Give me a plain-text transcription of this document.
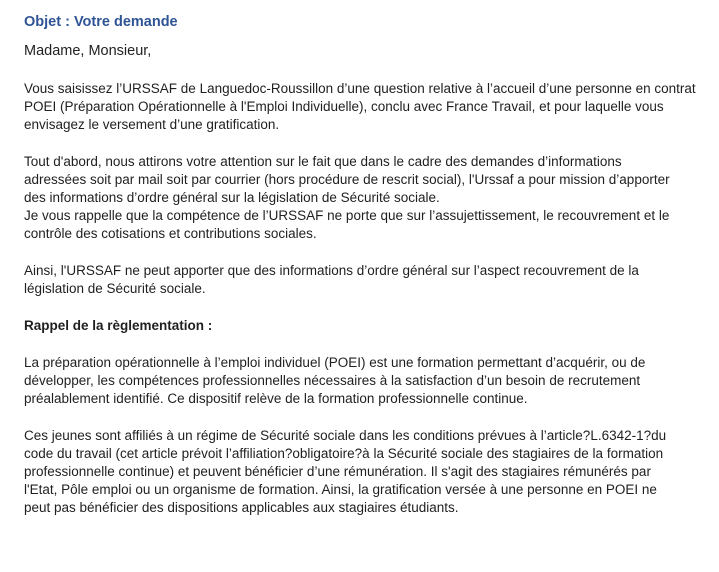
Objet : Votre demande
Madame, Monsieur,
Vous saisissez l’URSSAF de Languedoc-Roussillon d’une question relative à l’accueil d’une personne en contrat
POEI (Préparation Opérationnelle à l'Emploi Individuelle), conclu avec France Travail, et pour laquelle vous
envisagez le versement d’une gratification.
Tout d'abord, nous attirons votre attention sur le fait que dans le cadre des demandes d’informations
adressées soit par mail soit par courrier (hors procédure de rescrit social), l'Urssaf a pour mission d’apporter
des informations d’ordre général sur la législation de Sécurité sociale.
Je vous rappelle que la compétence de l’URSSAF ne porte que sur l’assujettissement, le recouvrement et le
contrôle des cotisations et contributions sociales.
Ainsi, l'URSSAF ne peut apporter que des informations d’ordre général sur l’aspect recouvrement de la
législation de Sécurité sociale.
Rappel de la règlementation :
La préparation opérationnelle à l’emploi individuel (POEI) est une formation permettant d’acquérir, ou de
développer, les compétences professionnelles nécessaires à la satisfaction d’un besoin de recrutement
préalablement identifié. Ce dispositif relève de la formation professionnelle continue.
Ces jeunes sont affiliés à un régime de Sécurité sociale dans les conditions prévues à l’article?L.6342-1?du
code du travail (cet article prévoit l’affiliation?obligatoire?à la Sécurité sociale des stagiaires de la formation
professionnelle continue) et peuvent bénéficier d’une rémunération. Il s'agit des stagiaires rémunérés par
l'Etat, Pôle emploi ou un organisme de formation. Ainsi, la gratification versée à une personne en POEI ne
peut pas bénéficier des dispositions applicables aux stagiaires étudiants.
